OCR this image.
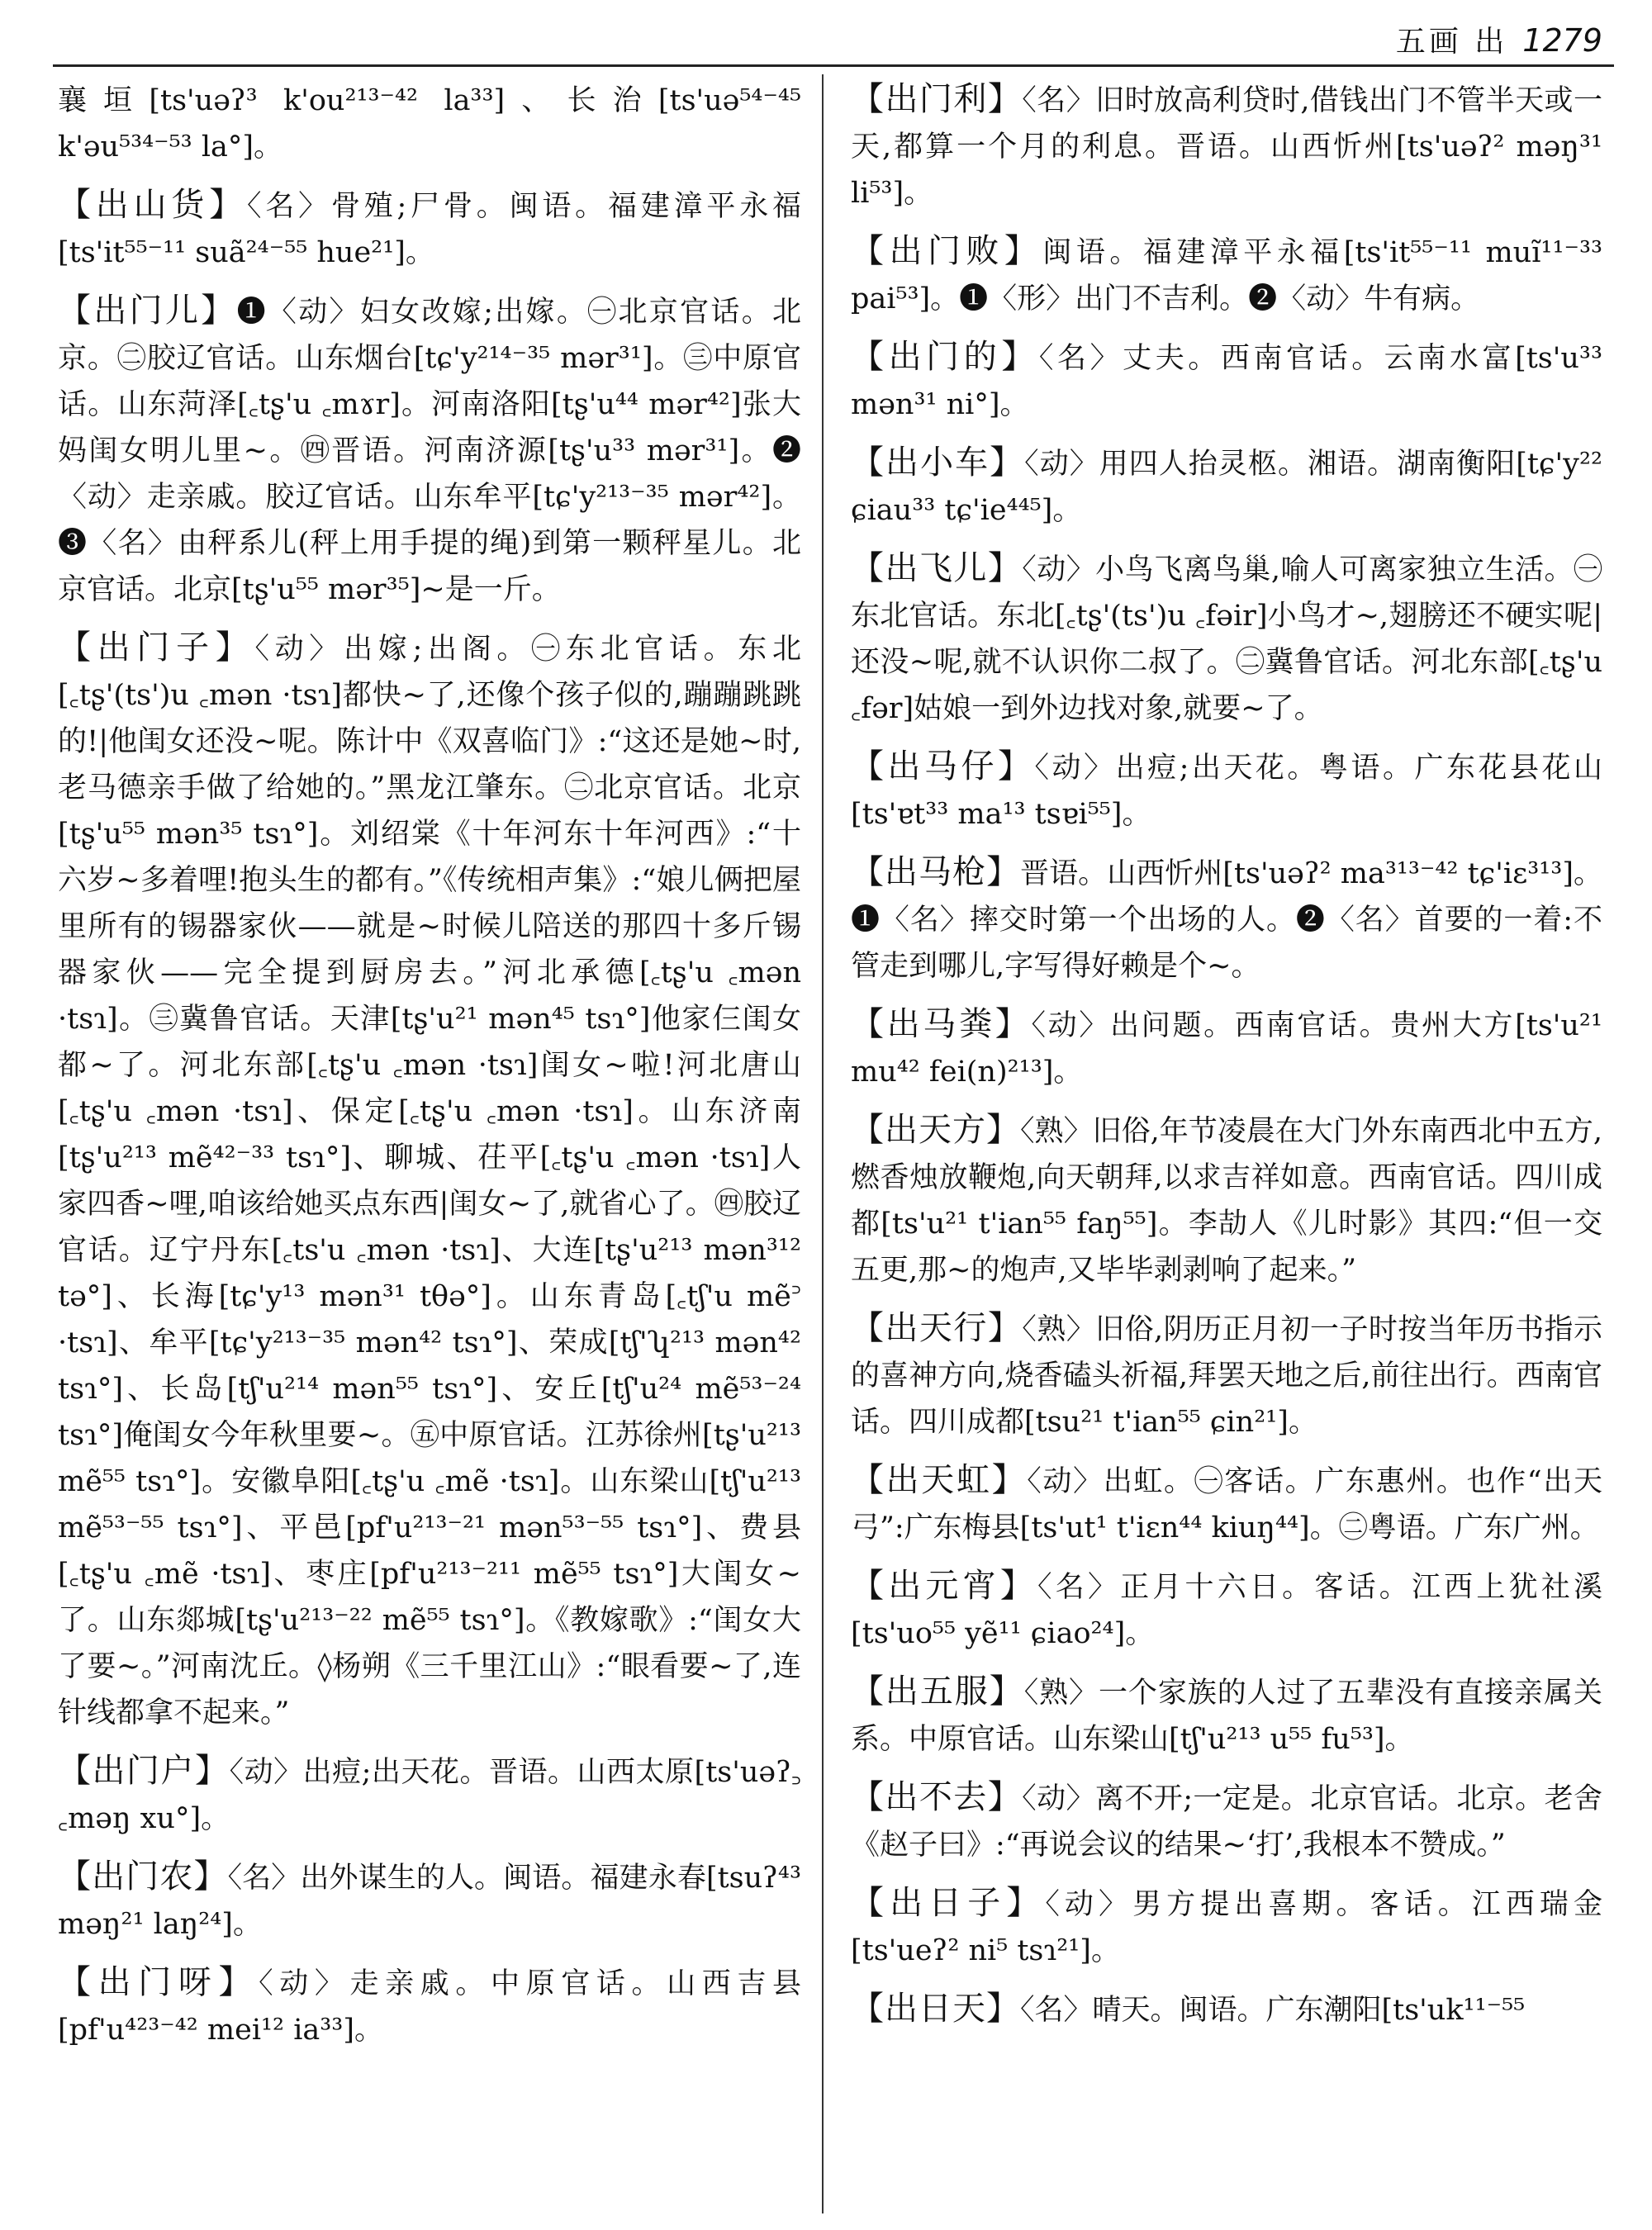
五画 出 1279

襄垣[ts'uəʔ³ k'ou²¹³⁻⁴² la³³]、长治[ts'uə⁵⁴⁻⁴⁵ k'əu⁵³⁴⁻⁵³ la°]。

【出山货】〈名〉骨殖;尸骨。闽语。福建漳平永福[ts'it⁵⁵⁻¹¹ suã²⁴⁻⁵⁵ hue²¹]。

【出门儿】❶〈动〉妇女改嫁;出嫁。㊀北京官话。北京。㊁胶辽官话。山东烟台[tɕ'y²¹⁴⁻³⁵ mər³¹]。㊂中原官话。山东菏泽[꜀tʂ'u ꜀mɤr]。河南洛阳[tʂ'u⁴⁴ mər⁴²]张大妈闺女明儿里~。㊃晋语。河南济源[tʂ'u³³ mər³¹]。❷〈动〉走亲戚。胶辽官话。山东牟平[tɕ'y²¹³⁻³⁵ mər⁴²]。❸〈名〉由秤系儿(秤上用手提的绳)到第一颗秤星儿。北京官话。北京[tʂ'u⁵⁵ mər³⁵]~是一斤。

【出门子】〈动〉出嫁;出阁。㊀东北官话。东北[꜀tʂ'(ts')u ꜀mən ·tsɿ]都快~了,还像个孩子似的,蹦蹦跳跳的!|他闺女还没~呢。陈计中《双喜临门》:“这还是她~时,老马德亲手做了给她的。”黑龙江肇东。㊁北京官话。北京[tʂ'u⁵⁵ mən³⁵ tsɿ°]。刘绍棠《十年河东十年河西》:“十六岁~多着哩!抱头生的都有。”《传统相声集》:“娘儿俩把屋里所有的锡器家伙——就是~时候儿陪送的那四十多斤锡器家伙——完全提到厨房去。”河北承德[꜀tʂ'u ꜀mən ·tsɿ]。㊂冀鲁官话。天津[tʂ'u²¹ mən⁴⁵ tsɿ°]他家仨闺女都~了。河北东部[꜀tʂ'u ꜀mən ·tsɿ]闺女~啦!河北唐山[꜀tʂ'u ꜀mən ·tsɿ]、保定[꜀tʂ'u ꜀mən ·tsɿ]。山东济南[tʂ'u²¹³ mẽ⁴²⁻³³ tsɿ°]、聊城、茌平[꜀tʂ'u ꜀mən ·tsɿ]人家四香~哩,咱该给她买点东西|闺女~了,就省心了。㊃胶辽官话。辽宁丹东[꜀ts'u ꜀mən ·tsɿ]、大连[tʂ'u²¹³ mən³¹² tə°]、长海[tɕ'y¹³ mən³¹ tθə°]。山东青岛[꜀tʃ'u mẽ꜄ ·tsɿ]、牟平[tɕ'y²¹³⁻³⁵ mən⁴² tsɿ°]、荣成[tʃ'ʮ²¹³ mən⁴² tsɿ°]、长岛[tʃ'u²¹⁴ mən⁵⁵ tsɿ°]、安丘[tʃ'u²⁴ mẽ⁵³⁻²⁴ tsɿ°]俺闺女今年秋里要~。㊄中原官话。江苏徐州[tʂ'u²¹³ mẽ⁵⁵ tsɿ°]。安徽阜阳[꜀tʂ'u ꜀mẽ ·tsɿ]。山东梁山[tʃ'u²¹³ mẽ⁵³⁻⁵⁵ tsɿ°]、平邑[pf'u²¹³⁻²¹ mən⁵³⁻⁵⁵ tsɿ°]、费县[꜀tʂ'u ꜀mẽ ·tsɿ]、枣庄[pf'u²¹³⁻²¹¹ mẽ⁵⁵ tsɿ°]大闺女~了。山东郯城[tʂ'u²¹³⁻²² mẽ⁵⁵ tsɿ°]。《教嫁歌》:“闺女大了要~。”河南沈丘。◊杨朔《三千里江山》:“眼看要~了,连针线都拿不起来。”

【出门户】〈动〉出痘;出天花。晋语。山西太原[ts'uəʔ꜆ ꜀məŋ xu°]。

【出门农】〈名〉出外谋生的人。闽语。福建永春[tsuʔ⁴³ məŋ²¹ laŋ²⁴]。

【出门呀】〈动〉走亲戚。中原官话。山西吉县[pf'u⁴²³⁻⁴² mei¹² ia³³]。

【出门利】〈名〉旧时放高利贷时,借钱出门不管半天或一天,都算一个月的利息。晋语。山西忻州[ts'uəʔ² məŋ³¹ li⁵³]。

【出门败】闽语。福建漳平永福[ts'it⁵⁵⁻¹¹ muĩ¹¹⁻³³ pai⁵³]。❶〈形〉出门不吉利。❷〈动〉牛有病。

【出门的】〈名〉丈夫。西南官话。云南水富[ts'u³³ mən³¹ ni°]。

【出小车】〈动〉用四人抬灵柩。湘语。湖南衡阳[tɕ'y²² ɕiau³³ tɕ'ie⁴⁴⁵]。

【出飞儿】〈动〉小鸟飞离鸟巢,喻人可离家独立生活。㊀东北官话。东北[꜀tʂ'(ts')u ꜀fəir]小鸟才~,翅膀还不硬实呢|还没~呢,就不认识你二叔了。㊁冀鲁官话。河北东部[꜀tʂ'u ꜀fər]姑娘一到外边找对象,就要~了。

【出马仔】〈动〉出痘;出天花。粤语。广东花县花山[ts'ɐt³³ ma¹³ tsɐi⁵⁵]。

【出马枪】晋语。山西忻州[ts'uəʔ² ma³¹³⁻⁴² tɕ'iɛ³¹³]。❶〈名〉摔交时第一个出场的人。❷〈名〉首要的一着:不管走到哪儿,字写得好赖是个~。

【出马粪】〈动〉出问题。西南官话。贵州大方[ts'u²¹ mu⁴² fei(n)²¹³]。

【出天方】〈熟〉旧俗,年节凌晨在大门外东南西北中五方,燃香烛放鞭炮,向天朝拜,以求吉祥如意。西南官话。四川成都[ts'u²¹ t'ian⁵⁵ faŋ⁵⁵]。李劼人《儿时影》其四:“但一交五更,那~的炮声,又毕毕剥剥响了起来。”

【出天行】〈熟〉旧俗,阴历正月初一子时按当年历书指示的喜神方向,烧香磕头祈福,拜罢天地之后,前往出行。西南官话。四川成都[tsu²¹ t'ian⁵⁵ ɕin²¹]。

【出天虹】〈动〉出虹。㊀客话。广东惠州。也作“出天弓”:广东梅县[ts'ut¹ t'iɛn⁴⁴ kiuŋ⁴⁴]。㊁粤语。广东广州。

【出元宵】〈名〉正月十六日。客话。江西上犹社溪[ts'uo⁵⁵ yẽ¹¹ ɕiao²⁴]。

【出五服】〈熟〉一个家族的人过了五辈没有直接亲属关系。中原官话。山东梁山[tʃ'u²¹³ u⁵⁵ fu⁵³]。

【出不去】〈动〉离不开;一定是。北京官话。北京。老舍《赵子曰》:“再说会议的结果~‘打’,我根本不赞成。”

【出日子】〈动〉男方提出喜期。客话。江西瑞金[ts'ueʔ² ni⁵ tsɿ²¹]。

【出日天】〈名〉晴天。闽语。广东潮阳[ts'uk¹¹⁻⁵⁵
